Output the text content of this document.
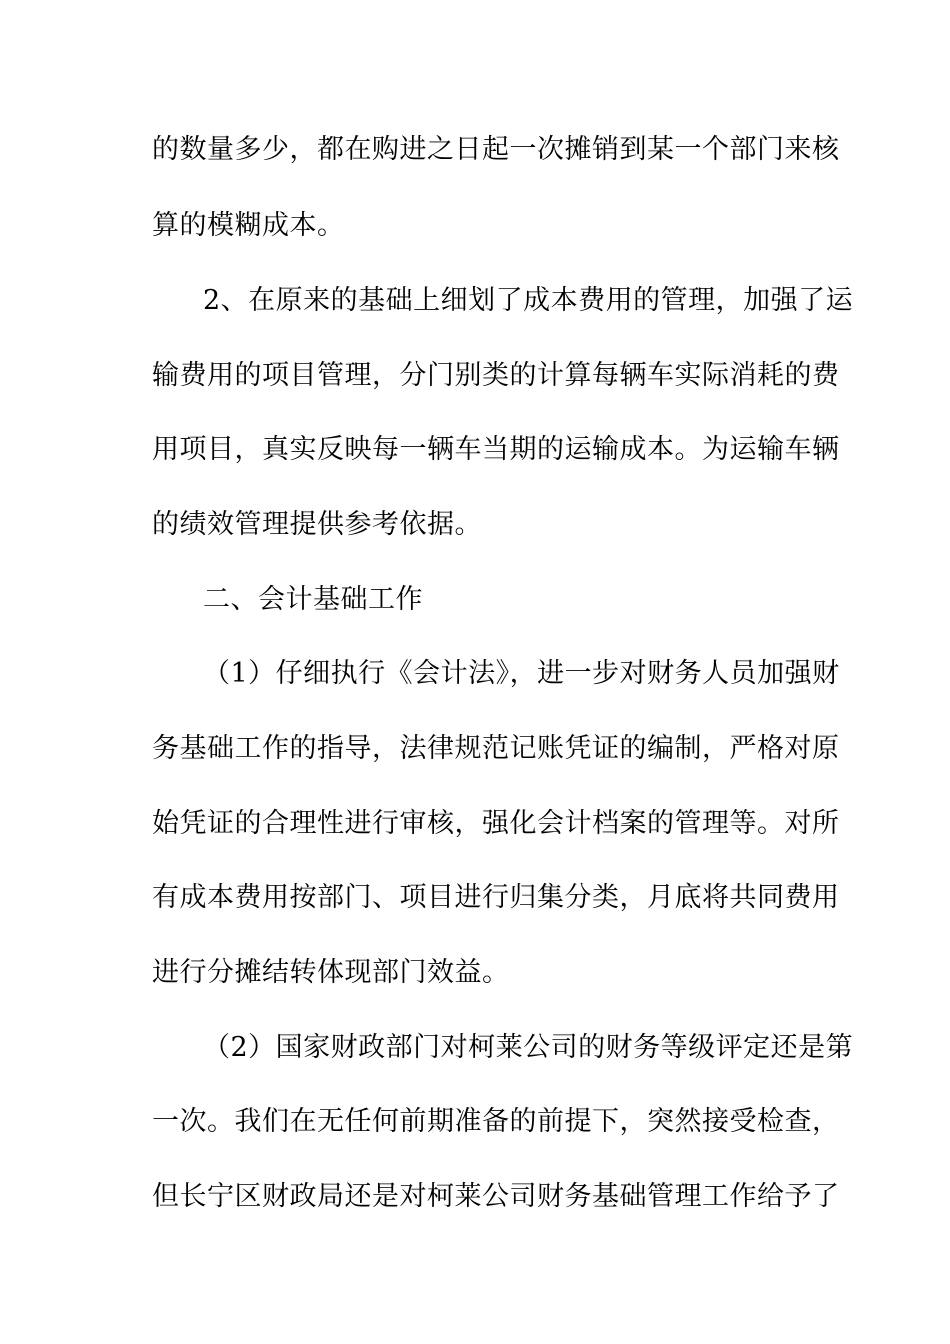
的数量多少，都在购进之日起一次摊销到某一个部门来核
算的模糊成本。
2、在原来的基础上细划了成本费用的管理，加强了运
输费用的项目管理，分门别类的计算每辆车实际消耗的费
用项目，真实反映每一辆车当期的运输成本。为运输车辆
的绩效管理提供参考依据。
二、会计基础工作
（1）仔细执行《会计法》，进一步对财务人员加强财
务基础工作的指导，法律规范记账凭证的编制，严格对原
始凭证的合理性进行审核，强化会计档案的管理等。对所
有成本费用按部门、项目进行归集分类，月底将共同费用
进行分摊结转体现部门效益。
（2）国家财政部门对柯莱公司的财务等级评定还是第
一次。我们在无任何前期准备的前提下，突然接受检查，
但长宁区财政局还是对柯莱公司财务基础管理工作给予了
